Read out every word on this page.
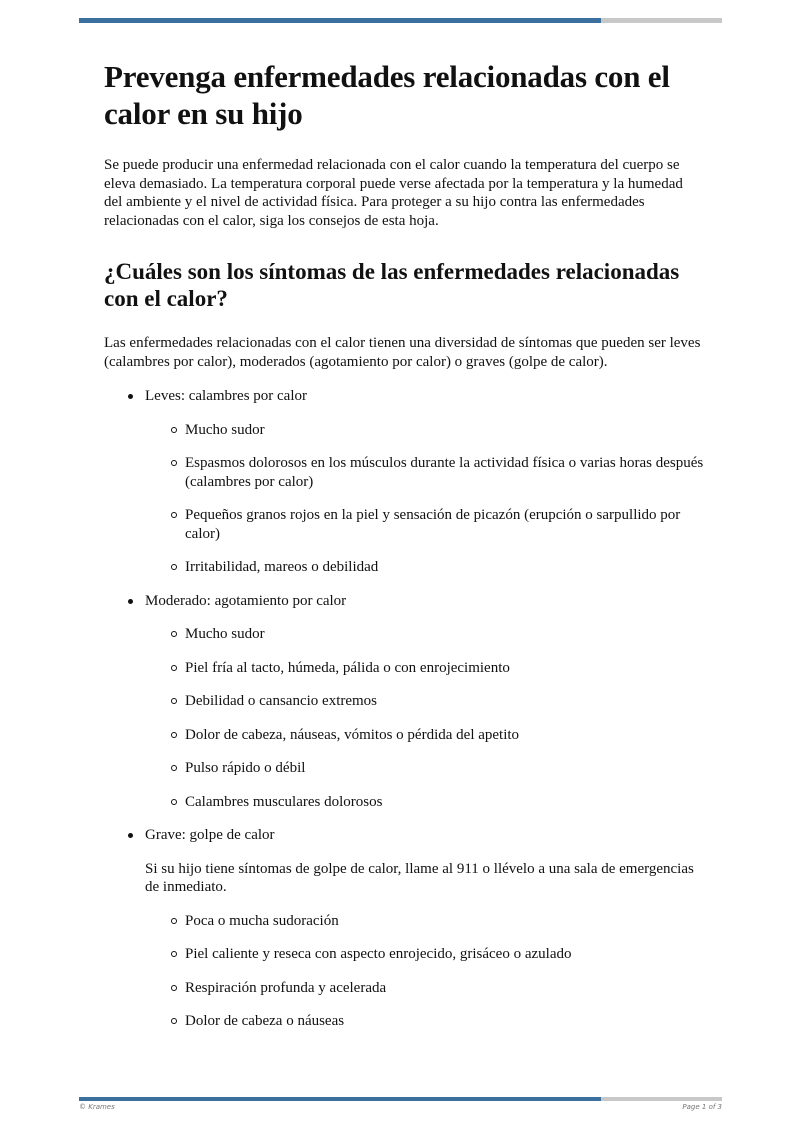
Prevenga enfermedades relacionadas con el calor en su hijo

Se puede producir una enfermedad relacionada con el calor cuando la temperatura del cuerpo se eleva demasiado. La temperatura corporal puede verse afectada por la temperatura y la humedad del ambiente y el nivel de actividad física. Para proteger a su hijo contra las enfermedades relacionadas con el calor, siga los consejos de esta hoja.

¿Cuáles son los síntomas de las enfermedades relacionadas con el calor?

Las enfermedades relacionadas con el calor tienen una diversidad de síntomas que pueden ser leves (calambres por calor), moderados (agotamiento por calor) o graves (golpe de calor).

Leves: calambres por calor
Mucho sudor
Espasmos dolorosos en los músculos durante la actividad física o varias horas después (calambres por calor)
Pequeños granos rojos en la piel y sensación de picazón (erupción o sarpullido por calor)
Irritabilidad, mareos o debilidad
Moderado: agotamiento por calor
Mucho sudor
Piel fría al tacto, húmeda, pálida o con enrojecimiento
Debilidad o cansancio extremos
Dolor de cabeza, náuseas, vómitos o pérdida del apetito
Pulso rápido o débil
Calambres musculares dolorosos
Grave: golpe de calor

Si su hijo tiene síntomas de golpe de calor, llame al 911 o llévelo a una sala de emergencias de inmediato.

Poca o mucha sudoración
Piel caliente y reseca con aspecto enrojecido, grisáceo o azulado
Respiración profunda y acelerada
Dolor de cabeza o náuseas
© Krames	Page 1 of 3
